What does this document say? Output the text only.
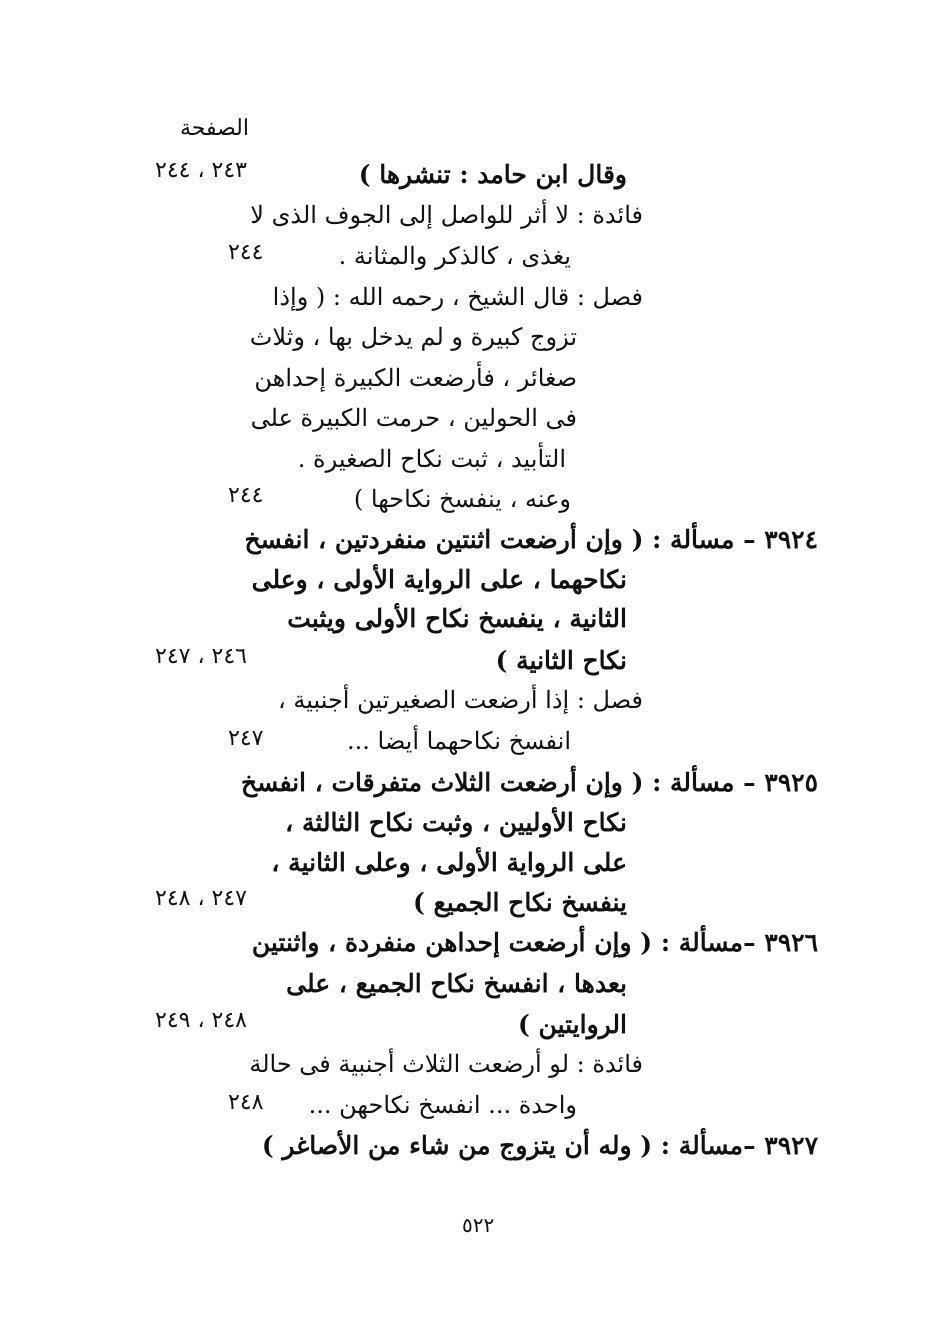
الصفحة
وقال ابن حامد : تنشرها )
فائدة : لا أثر للواصل إلى الجوف الذى لا
يغذى ، كالذكر والمثانة .
فصل : قال الشيخ ، رحمه الله : ( وإذا
تزوج كبيرة و لم يدخل بها ، وثلاث
صغائر ، فأرضعت الكبيرة إحداهن
فى الحولين ، حرمت الكبيرة على
التأبيد ، ثبت نكاح الصغيرة .
وعنه ، ينفسخ نكاحها )
٣٩٢٤ – مسألة : ( وإن أرضعت اثنتين منفردتين ، انفسخ
نكاحهما ، على الرواية الأولى ، وعلى
الثانية ، ينفسخ نكاح الأولى ويثبت
نكاح الثانية )
فصل : إذا أرضعت الصغيرتين أجنبية ،
انفسخ نكاحهما أيضا ...
٣٩٢٥ – مسألة : ( وإن أرضعت الثلاث متفرقات ، انفسخ
نكاح الأوليين ، وثبت نكاح الثالثة ،
على الرواية الأولى ، وعلى الثانية ،
ينفسخ نكاح الجميع )
٣٩٢٦ –مسألة : ( وإن أرضعت إحداهن منفردة ، واثنتين
بعدها ، انفسخ نكاح الجميع ، على
الروايتين )
فائدة : لو أرضعت الثلاث أجنبية فى حالة
واحدة ... انفسخ نكاحهن ...
٣٩٢٧ –مسألة : ( وله أن يتزوج من شاء من الأصاغر )
٢٤٣ ، ٢٤٤
٢٤٤
٢٤٤
٢٤٦ ، ٢٤٧
٢٤٧
٢٤٧ ، ٢٤٨
٢٤٨ ، ٢٤٩
٢٤٨
٥٢٢
